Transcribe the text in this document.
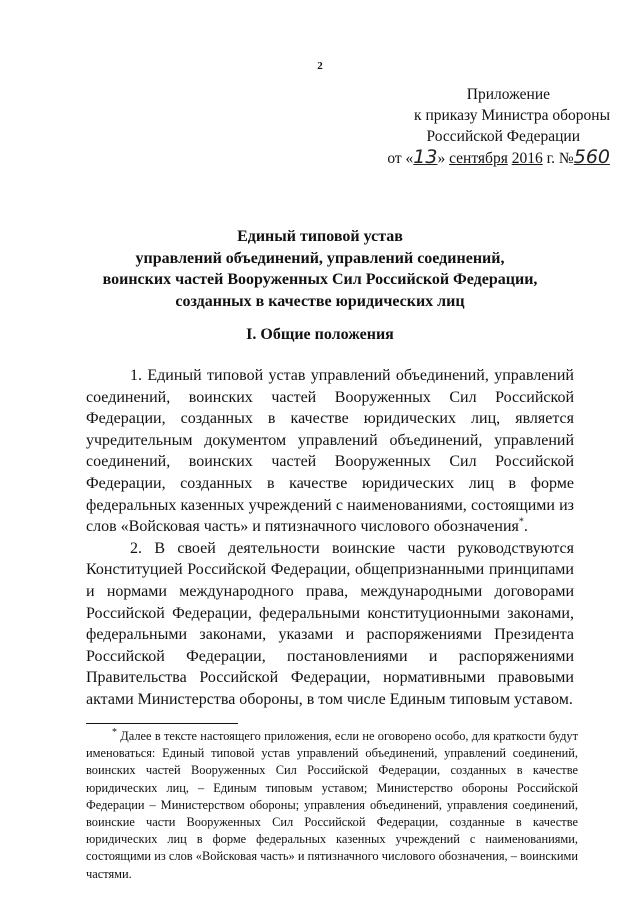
2
Приложение
к приказу Министра обороны
Российской Федерации
от «13» сентября 2016 г. №560
Единый типовой устав
управлений объединений, управлений соединений,
воинских частей Вооруженных Сил Российской Федерации,
созданных в качестве юридических лиц
I. Общие положения

1. Единый типовой устав управлений объединений, управлений соединений, воинских частей Вооруженных Сил Российской Федерации, созданных в качестве юридических лиц, является учредительным документом управлений объединений, управлений соединений, воинских частей Вооруженных Сил Российской Федерации, созданных в качестве юридических лиц в форме федеральных казенных учреждений с наименованиями, состоящими из слов «Войсковая часть» и пятизначного числового обозначения*.

2. В своей деятельности воинские части руководствуются Конституцией Российской Федерации, общепризнанными принципами и нормами международного права, международными договорами Российской Федерации, федеральными конституционными законами, федеральными законами, указами и распоряжениями Президента Российской Федерации, постановлениями и распоряжениями Правительства Российской Федерации, нормативными правовыми актами Министерства обороны, в том числе Единым типовым уставом.

* Далее в тексте настоящего приложения, если не оговорено особо, для краткости будут именоваться: Единый типовой устав управлений объединений, управлений соединений, воинских частей Вооруженных Сил Российской Федерации, созданных в качестве юридических лиц, – Единым типовым уставом; Министерство обороны Российской Федерации – Министерством обороны; управления объединений, управления соединений, воинские части Вооруженных Сил Российской Федерации, созданные в качестве юридических лиц в форме федеральных казенных учреждений с наименованиями, состоящими из слов «Войсковая часть» и пятизначного числового обозначения, – воинскими частями.
